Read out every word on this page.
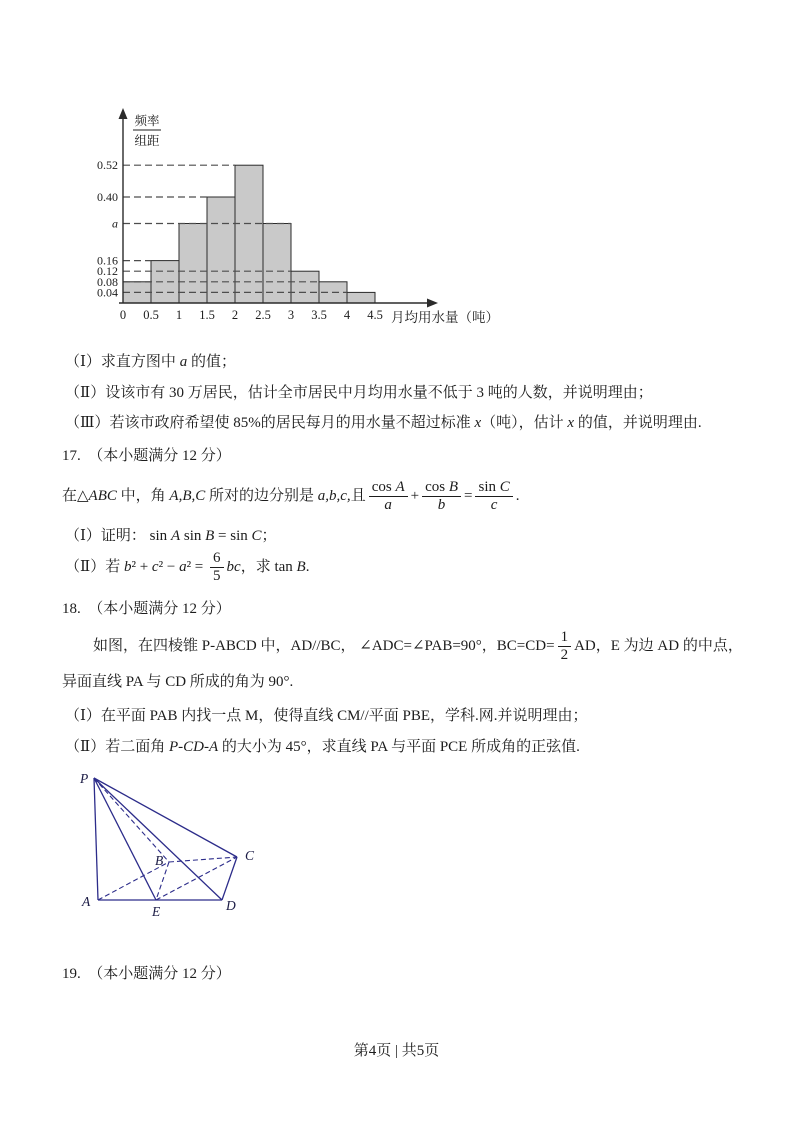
0.52
0.40
a
0.16
0.12
0.08
0.04
0 0.5 1 1.5 2 2.5 3 3.5 4 4.5 月均用水量（吨）
频率
组距
（Ⅰ）求直方图中 a 的值；
（Ⅱ）设该市有 30 万居民，估计全市居民中月均用水量不低于 3 吨的人数，并说明理由；
（Ⅲ）若该市政府希望使 85%的居民每月的用水量不超过标准 x（吨），估计 x 的值，并说明理由.
17.　（本小题满分 12 分）
在△ ABC 中，角 A,B,C 所对的边分别是 a,b,c, 且
cos A
a
+ $\frac{\text{cos B}}{b} = \frac{\text{sin C}}{c}$ .
（Ⅰ）证明： sin A sin B = sin C；
（Ⅱ）若 b ² + c ² − a $^2 = \frac{6}{5}$ bc ，求 tan B .
18.　（本小题满分 12 分）
如图，在四棱锥 P-ABCD 中，AD//BC， ∠ADC=∠PAB=90°，$BC=CD= \frac{1}{2}$ AD，E 为边 AD 的中点，
异面直线 PA 与 CD 所成的角为 90°.
（Ⅰ）在平面 PAB 内找一点 M，使得直线 CM//平面 PBE，学科.网.并说明理由；
（Ⅱ）若二面角 P-CD-A 的大小为 45°，求直线 PA 与平面 PCE 所成角的正弦值.
19.　（本小题满分 12 分）
P
A
E	D
C
B
第4页 | 共5页
